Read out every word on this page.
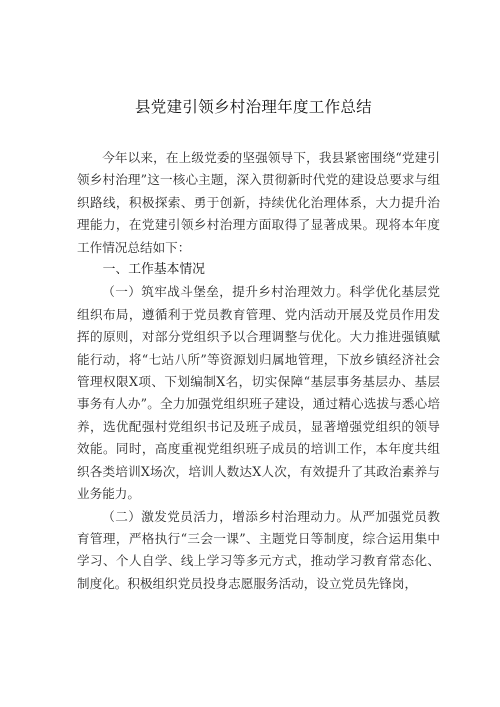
县党建引领乡村治理年度工作总结

今年以来，在上级党委的坚强领导下，我县紧密围绕“党建引领乡村治理”这一核心主题，深入贯彻新时代党的建设总要求与组织路线，积极探索、勇于创新，持续优化治理体系，大力提升治理能力，在党建引领乡村治理方面取得了显著成果。现将本年度工作情况总结如下：

一、工作基本情况

（一）筑牢战斗堡垒，提升乡村治理效力。科学优化基层党组织布局，遵循利于党员教育管理、党内活动开展及党员作用发挥的原则，对部分党组织予以合理调整与优化。大力推进强镇赋能行动，将“七站八所”等资源划归属地管理，下放乡镇经济社会管理权限X项、下划编制X名，切实保障“基层事务基层办、基层事务有人办”。全力加强党组织班子建设，通过精心选拔与悉心培养，选优配强村党组织书记及班子成员，显著增强党组织的领导效能。同时，高度重视党组织班子成员的培训工作，本年度共组织各类培训X场次，培训人数达X人次，有效提升了其政治素养与业务能力。

（二）激发党员活力，增添乡村治理动力。从严加强党员教育管理，严格执行“三会一课”、主题党日等制度，综合运用集中学习、个人自学、线上学习等多元方式，推动学习教育常态化、制度化。积极组织党员投身志愿服务活动，设立党员先锋岗，
